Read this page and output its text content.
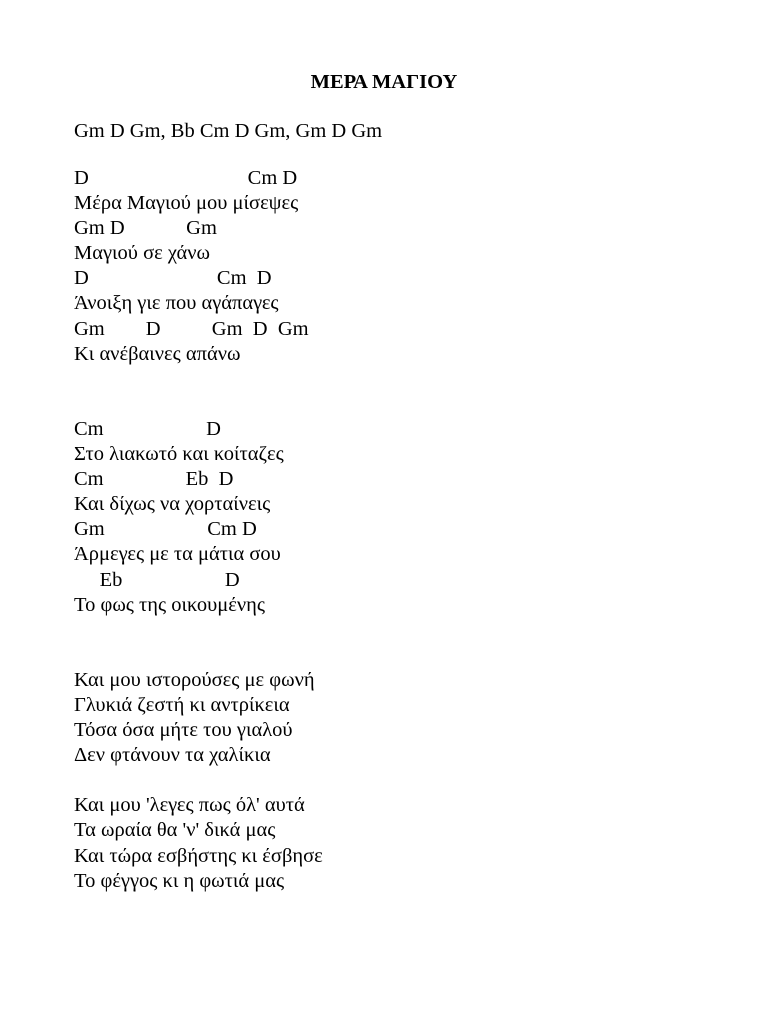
ΜΕΡΑ ΜΑΓΙΟΥ

Gm D Gm, Bb Cm D Gm, Gm D Gm

D                               Cm D
Μέρα Μαγιού μου μίσεψες
Gm D            Gm
Μαγιού σε χάνω
D                         Cm  D
Άνοιξη γιε που αγάπαγες
Gm        D          Gm  D  Gm
Κι ανέβαινες απάνω
Cm                    D
Στο λιακωτό και κοίταζες
Cm                Eb  D
Και δίχως να χορταίνεις
Gm                    Cm D
Άρμεγες με τα μάτια σου
Eb                    D
Το φως της οικουμένης
Και μου ιστορούσες με φωνή
Γλυκιά ζεστή κι αντρίκεια
Τόσα όσα μήτε του γιαλού
Δεν φτάνουν τα χαλίκια
Και μου 'λεγες πως όλ' αυτά
Τα ωραία θα 'ν' δικά μας
Και τώρα εσβήστης κι έσβησε
Το φέγγος κι η φωτιά μας
